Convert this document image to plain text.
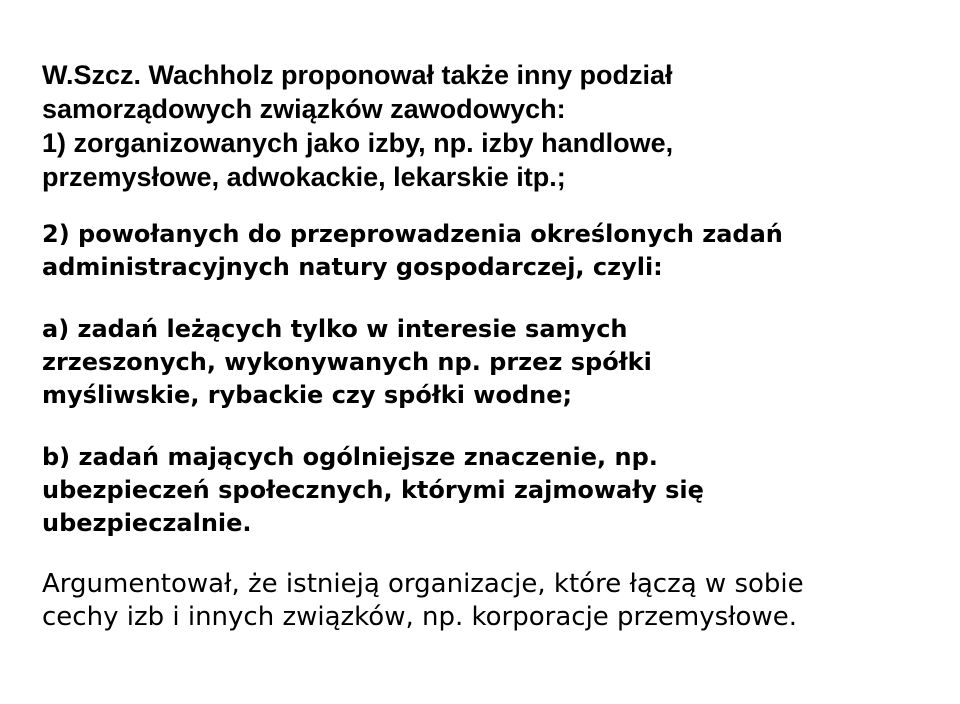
W.Szcz. Wachholz proponował także inny podział
samorządowych związków zawodowych:
1) zorganizowanych jako izby, np. izby handlowe,
przemysłowe, adwokackie, lekarskie itp.;

2) powołanych do przeprowadzenia określonych zadań
administracyjnych natury gospodarczej, czyli:

a) zadań leżących tylko w interesie samych
zrzeszonych, wykonywanych np. przez spółki
myśliwskie, rybackie czy spółki wodne;

b) zadań mających ogólniejsze znaczenie, np.
ubezpieczeń społecznych, którymi zajmowały się
ubezpieczalnie.

Argumentował, że istnieją organizacje, które łączą w sobie
cechy izb i innych związków, np. korporacje przemysłowe.
